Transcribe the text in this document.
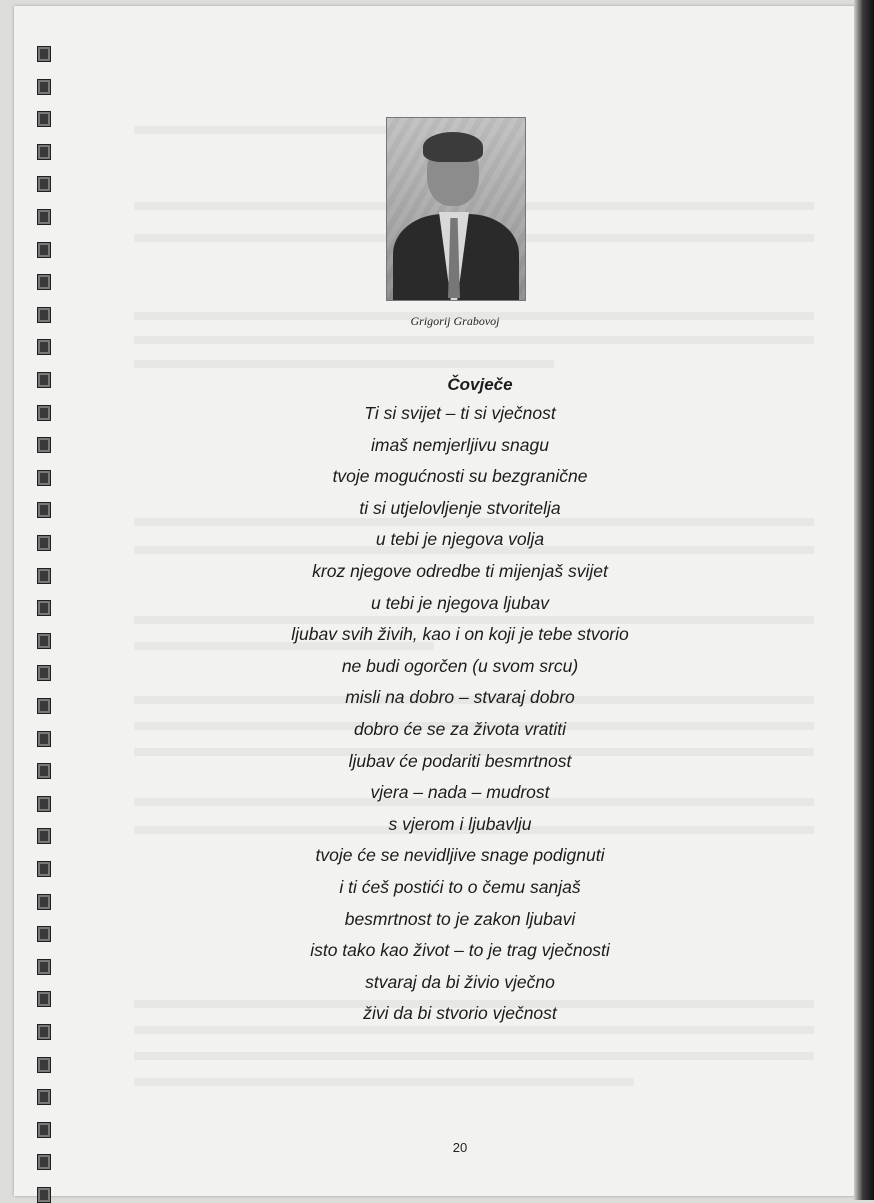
Grigorij Grabovoj
Čovječe
Ti si svijet – ti si vječnost
imaš nemjerljivu snagu
tvoje mogućnosti su bezgranične
ti si utjelovljenje stvoritelja
u tebi je njegova volja
kroz njegove odredbe ti mijenjaš svijet
u tebi je njegova ljubav
ljubav svih živih, kao i on koji je tebe stvorio
ne budi ogorčen (u svom srcu)
misli na dobro – stvaraj dobro
dobro će se za života vratiti
ljubav će podariti besmrtnost
vjera – nada – mudrost
s vjerom i ljubavlju
tvoje će se nevidljive snage podignuti
i ti ćeš postići to o čemu sanjaš
besmrtnost to je zakon ljubavi
isto tako kao život – to je trag vječnosti
stvaraj da bi živio vječno
živi da bi stvorio vječnost
20
